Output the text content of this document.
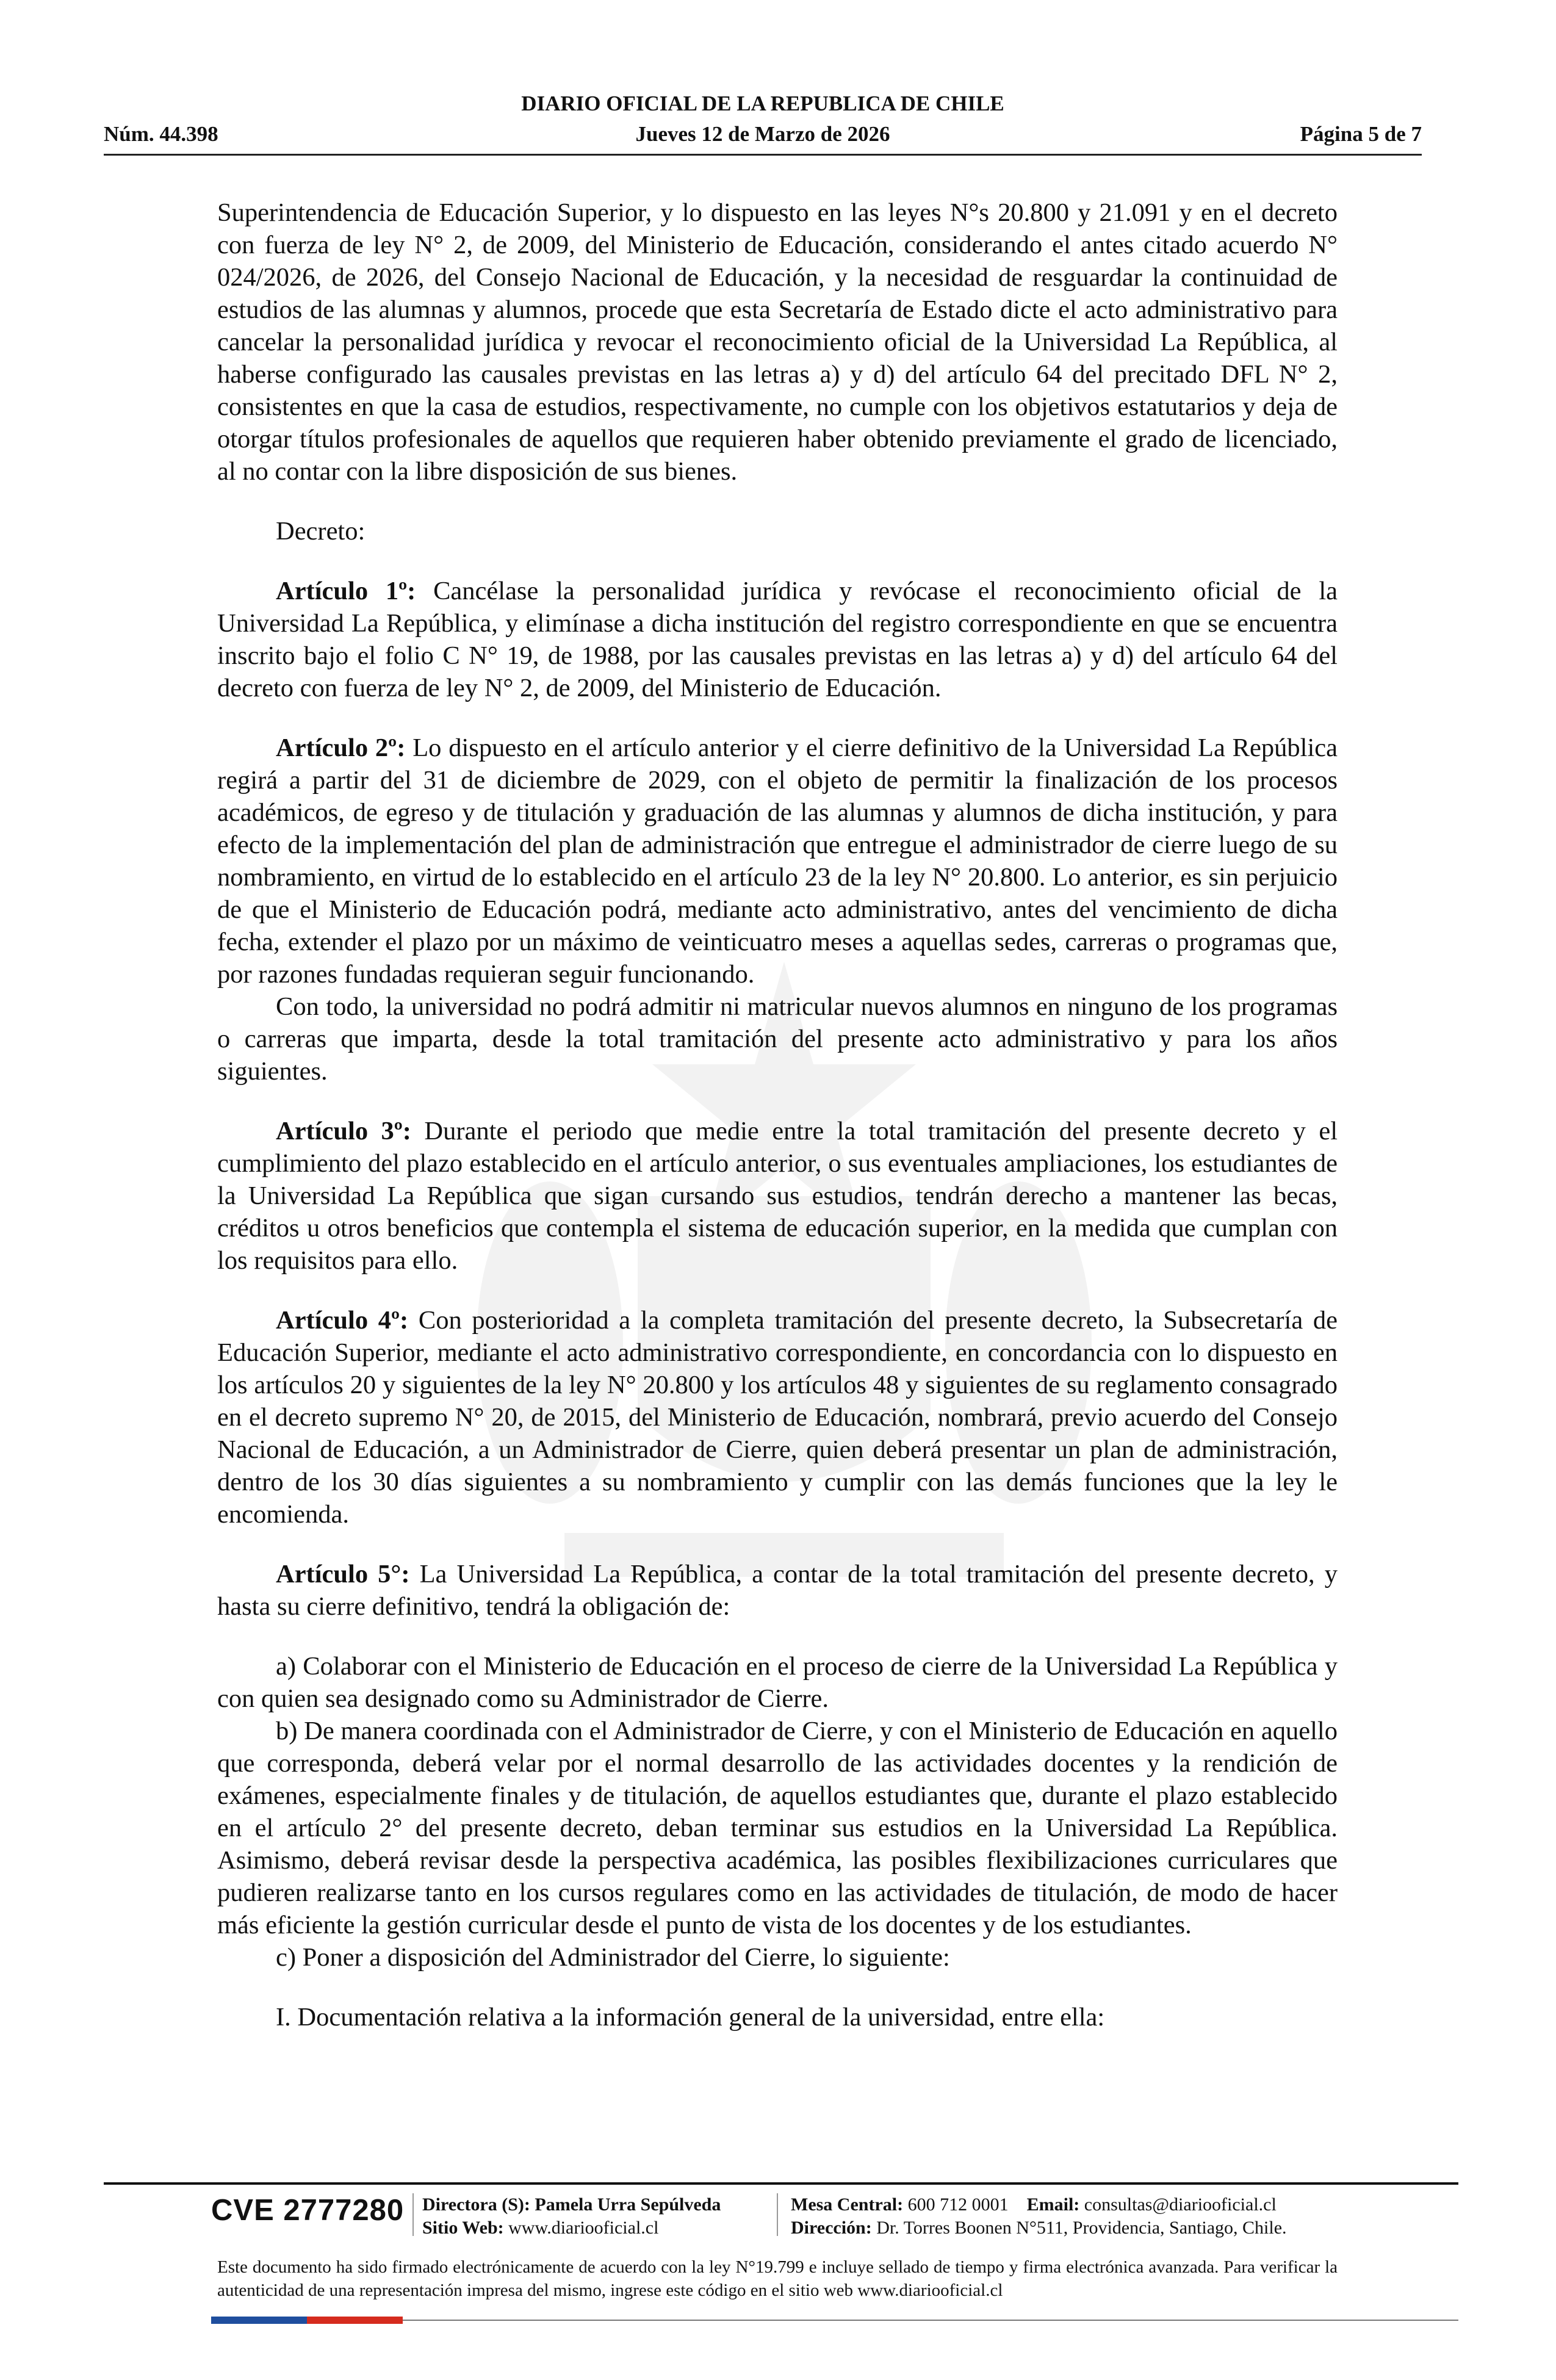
DIARIO OFICIAL DE LA REPUBLICA DE CHILE
Núm. 44.398	Jueves 12 de Marzo de 2026	Página 5 de 7

Superintendencia de Educación Superior, y lo dispuesto en las leyes N°s 20.800 y 21.091 y en el decreto con fuerza de ley N° 2, de 2009, del Ministerio de Educación, considerando el antes citado acuerdo N° 024/2026, de 2026, del Consejo Nacional de Educación, y la necesidad de resguardar la continuidad de estudios de las alumnas y alumnos, procede que esta Secretaría de Estado dicte el acto administrativo para cancelar la personalidad jurídica y revocar el reconocimiento oficial de la Universidad La República, al haberse configurado las causales previstas en las letras a) y d) del artículo 64 del precitado DFL N° 2, consistentes en que la casa de estudios, respectivamente, no cumple con los objetivos estatutarios y deja de otorgar títulos profesionales de aquellos que requieren haber obtenido previamente el grado de licenciado, al no contar con la libre disposición de sus bienes.

Decreto:

Artículo 1º: Cancélase la personalidad jurídica y revócase el reconocimiento oficial de la Universidad La República, y elimínase a dicha institución del registro correspondiente en que se encuentra inscrito bajo el folio C N° 19, de 1988, por las causales previstas en las letras a) y d) del artículo 64 del decreto con fuerza de ley N° 2, de 2009, del Ministerio de Educación.

Artículo 2º: Lo dispuesto en el artículo anterior y el cierre definitivo de la Universidad La República regirá a partir del 31 de diciembre de 2029, con el objeto de permitir la finalización de los procesos académicos, de egreso y de titulación y graduación de las alumnas y alumnos de dicha institución, y para efecto de la implementación del plan de administración que entregue el administrador de cierre luego de su nombramiento, en virtud de lo establecido en el artículo 23 de la ley N° 20.800. Lo anterior, es sin perjuicio de que el Ministerio de Educación podrá, mediante acto administrativo, antes del vencimiento de dicha fecha, extender el plazo por un máximo de veinticuatro meses a aquellas sedes, carreras o programas que, por razones fundadas requieran seguir funcionando.

Con todo, la universidad no podrá admitir ni matricular nuevos alumnos en ninguno de los programas o carreras que imparta, desde la total tramitación del presente acto administrativo y para los años siguientes.

Artículo 3º: Durante el periodo que medie entre la total tramitación del presente decreto y el cumplimiento del plazo establecido en el artículo anterior, o sus eventuales ampliaciones, los estudiantes de la Universidad La República que sigan cursando sus estudios, tendrán derecho a mantener las becas, créditos u otros beneficios que contempla el sistema de educación superior, en la medida que cumplan con los requisitos para ello.

Artículo 4º: Con posterioridad a la completa tramitación del presente decreto, la Subsecretaría de Educación Superior, mediante el acto administrativo correspondiente, en concordancia con lo dispuesto en los artículos 20 y siguientes de la ley N° 20.800 y los artículos 48 y siguientes de su reglamento consagrado en el decreto supremo N° 20, de 2015, del Ministerio de Educación, nombrará, previo acuerdo del Consejo Nacional de Educación, a un Administrador de Cierre, quien deberá presentar un plan de administración, dentro de los 30 días siguientes a su nombramiento y cumplir con las demás funciones que la ley le encomienda.

Artículo 5°: La Universidad La República, a contar de la total tramitación del presente decreto, y hasta su cierre definitivo, tendrá la obligación de:

a) Colaborar con el Ministerio de Educación en el proceso de cierre de la Universidad La República y con quien sea designado como su Administrador de Cierre.

b) De manera coordinada con el Administrador de Cierre, y con el Ministerio de Educación en aquello que corresponda, deberá velar por el normal desarrollo de las actividades docentes y la rendición de exámenes, especialmente finales y de titulación, de aquellos estudiantes que, durante el plazo establecido en el artículo 2° del presente decreto, deban terminar sus estudios en la Universidad La República. Asimismo, deberá revisar desde la perspectiva académica, las posibles flexibilizaciones curriculares que pudieren realizarse tanto en los cursos regulares como en las actividades de titulación, de modo de hacer más eficiente la gestión curricular desde el punto de vista de los docentes y de los estudiantes.

c) Poner a disposición del Administrador del Cierre, lo siguiente:

I. Documentación relativa a la información general de la universidad, entre ella:

CVE 2777280 Directora (S): Pamela Urra Sepúlveda
Sitio Web: www.diariooficial.cl
Mesa Central: 600 712 0001 Email: consultas@diariooficial.cl
Dirección: Dr. Torres Boonen N°511, Providencia, Santiago, Chile.
Este documento ha sido firmado electrónicamente de acuerdo con la ley N°19.799 e incluye sellado de tiempo y firma electrónica avanzada. Para verificar la autenticidad de una representación impresa del mismo, ingrese este código en el sitio web www.diariooficial.cl
